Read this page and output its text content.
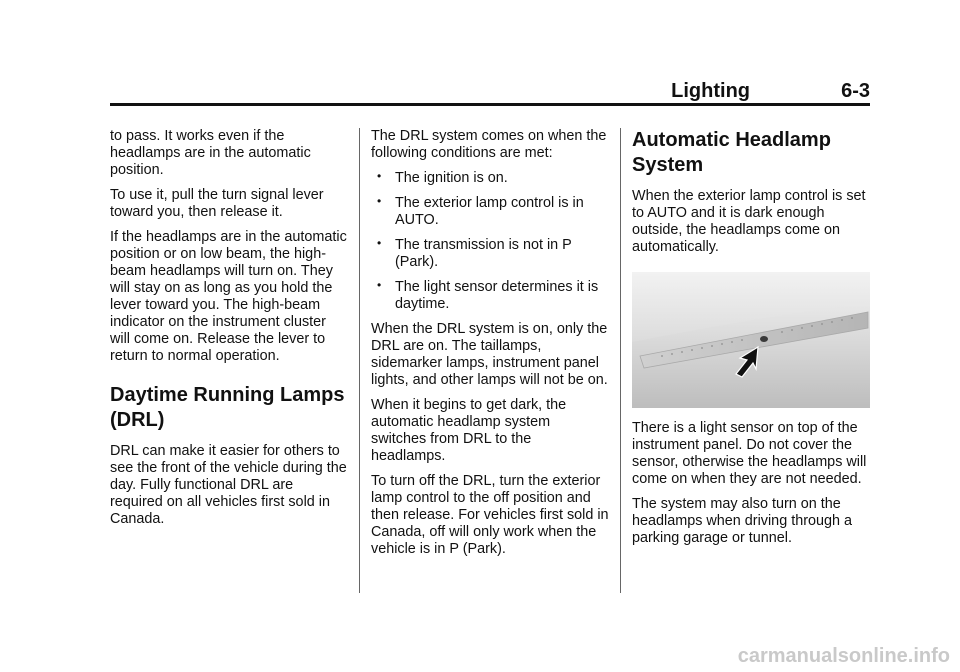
Lighting	6-3

to pass. It works even if the headlamps are in the automatic position.

To use it, pull the turn signal lever toward you, then release it.

If the headlamps are in the automatic position or on low beam, the high-beam headlamps will turn on. They will stay on as long as you hold the lever toward you. The high-beam indicator on the instrument cluster will come on. Release the lever to return to normal operation.

Daytime Running Lamps (DRL)

DRL can make it easier for others to see the front of the vehicle during the day. Fully functional DRL are required on all vehicles first sold in Canada.

The DRL system comes on when the following conditions are met:

• The ignition is on.
• The exterior lamp control is in AUTO.
• The transmission is not in P (Park).
• The light sensor determines it is daytime.

When the DRL system is on, only the DRL are on. The taillamps, sidemarker lamps, instrument panel lights, and other lamps will not be on.

When it begins to get dark, the automatic headlamp system switches from DRL to the headlamps.

To turn off the DRL, turn the exterior lamp control to the off position and then release. For vehicles first sold in Canada, off will only work when the vehicle is in P (Park).

Automatic Headlamp System

When the exterior lamp control is set to AUTO and it is dark enough outside, the headlamps come on automatically.

There is a light sensor on top of the instrument panel. Do not cover the sensor, otherwise the headlamps will come on when they are not needed.

The system may also turn on the headlamps when driving through a parking garage or tunnel.

carmanualsonline.info
